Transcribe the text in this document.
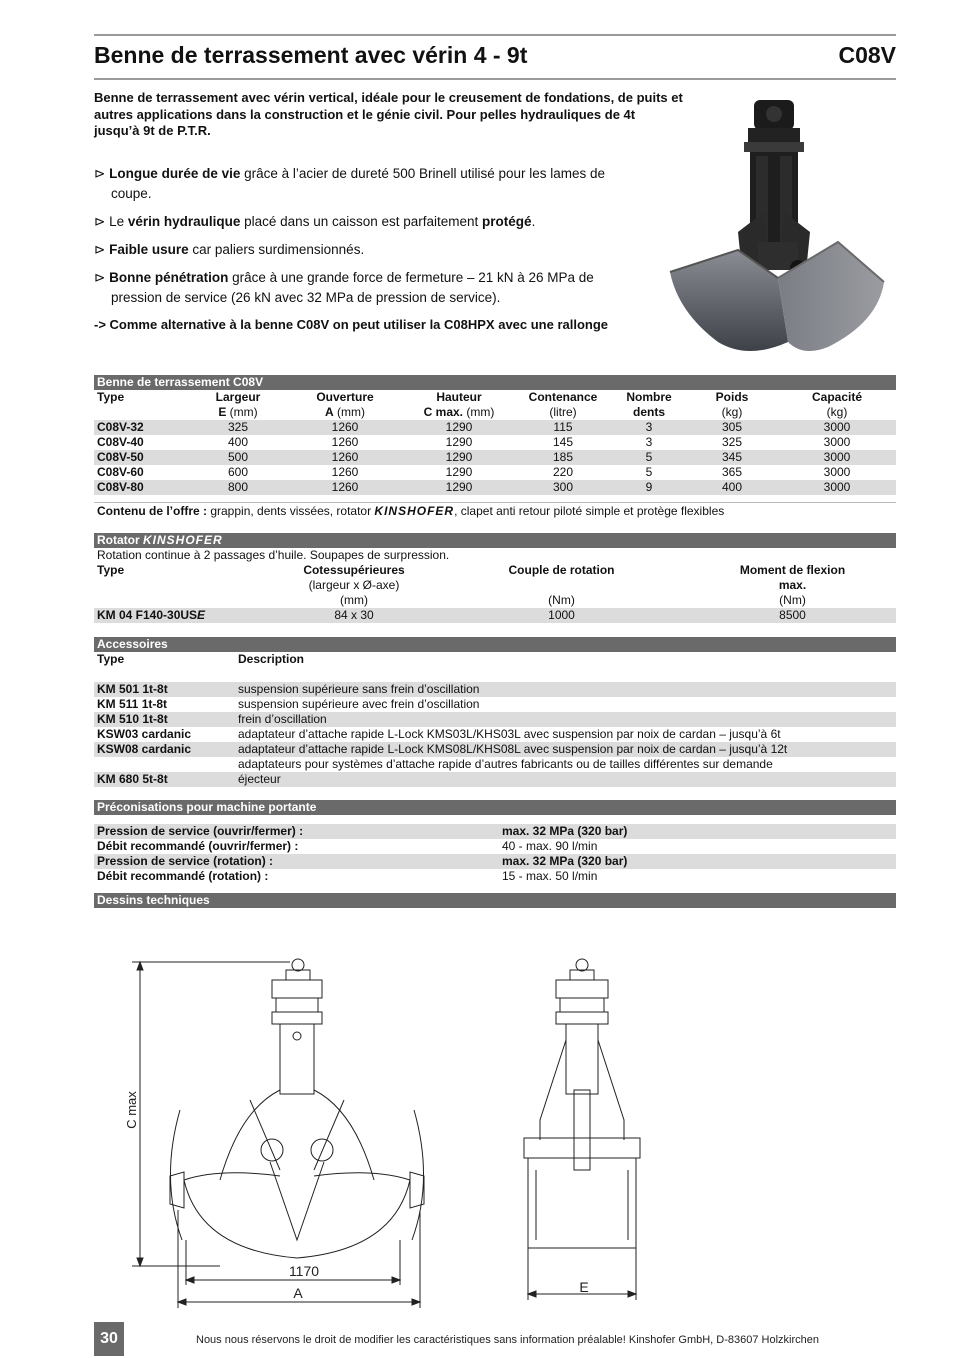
Benne de terrassement avec vérin 4 - 9t	C08V
Benne de terrassement avec vérin vertical, idéale pour le creusement de fondations, de puits et autres applications dans la construction et le génie civil. Pour pelles hydrauliques de 4t jusqu’à 9t de P.T.R.
⊳ Longue durée de vie grâce à l’acier de dureté 500 Brinell utilisé pour les lames de coupe.
⊳ Le vérin hydraulique placé dans un caisson est parfaitement protégé.
⊳ Faible usure car paliers surdimensionnés.
⊳ Bonne pénétration grâce à une grande force de fermeture – 21 kN à 26 MPa de pression de service (26 kN avec 32 MPa de pression de service).
-> Comme alternative à la benne C08V on peut utiliser la C08HPX avec une rallonge
Benne de terrassement C08V
Type	Largeur	Ouverture	Hauteur	Contenance	Nombre	Poids	Capacité
	E (mm)	A (mm)	C max. (mm)	(litre)	dents	(kg)	(kg)
C08V-32	325	1260	1290	115	3	305	3000
C08V-40	400	1260	1290	145	3	325	3000
C08V-50	500	1260	1290	185	5	345	3000
C08V-60	600	1260	1290	220	5	365	3000
C08V-80	800	1260	1290	300	9	400	3000
Contenu de l’offre : grappin, dents vissées, rotator KINSHOFER, clapet anti retour piloté simple et protège flexibles
Rotator KINSHOFER
Rotation continue à 2 passages d’huile. Soupapes de surpression.
Type	Cotessupérieures	Couple de rotation	Moment de flexion
	(largeur x Ø-axe)		max.
	(mm)	(Nm)	(Nm)
KM 04 F140-30USE	84 x 30	1000	8500
Accessoires
Type	Description

KM 501 1t-8t	suspension supérieure sans frein d’oscillation
KM 511 1t-8t	suspension supérieure avec frein d’oscillation
KM 510 1t-8t	frein d’oscillation
KSW03 cardanic	adaptateur d’attache rapide L-Lock KMS03L/KHS03L avec suspension par noix de cardan – jusqu’à 6t
KSW08 cardanic	adaptateur d’attache rapide L-Lock KMS08L/KHS08L avec suspension par noix de cardan – jusqu’à 12t
	adaptateurs pour systèmes d’attache rapide d’autres fabricants ou de tailles différentes sur demande
KM 680 5t-8t	éjecteur
Préconisations pour machine portante
Pression de service (ouvrir/fermer) :	max. 32 MPa (320 bar)
Débit recommandé (ouvrir/fermer) :	40 - max. 90 l/min
Pression de service (rotation) :	max. 32 MPa (320 bar)
Débit recommandé (rotation) :	15 - max. 50 l/min
Dessins techniques
C max
1170
A	E
30	Nous nous réservons le droit de modifier les caractéristiques sans information préalable! Kinshofer GmbH, D-83607 Holzkirchen
